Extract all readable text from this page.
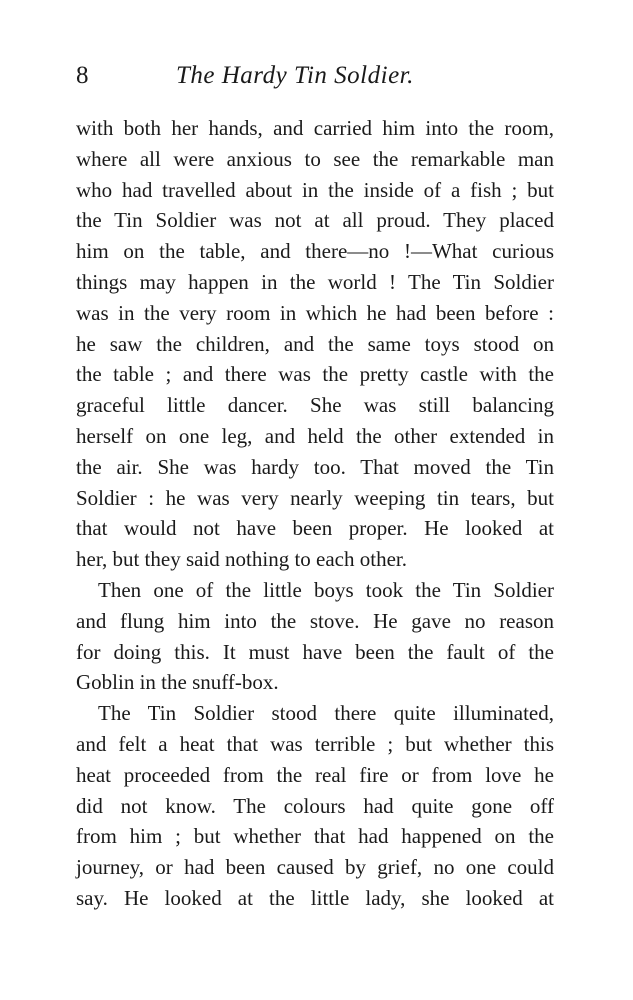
8	The Hardy Tin Soldier.
with both her hands, and carried him into the room,
where all were anxious to see the remarkable man
who had travelled about in the inside of a fish ; but
the Tin Soldier was not at all proud. They placed
him on the table, and there—no !—What curious
things may happen in the world ! The Tin Soldier
was in the very room in which he had been before :
he saw the children, and the same toys stood on
the table ; and there was the pretty castle with the
graceful little dancer. She was still balancing
herself on one leg, and held the other extended in
the air. She was hardy too. That moved the Tin
Soldier : he was very nearly weeping tin tears, but
that would not have been proper. He looked at
her, but they said nothing to each other.
Then one of the little boys took the Tin Soldier
and flung him into the stove. He gave no reason
for doing this. It must have been the fault of the
Goblin in the snuff-box.
The Tin Soldier stood there quite illuminated,
and felt a heat that was terrible ; but whether this
heat proceeded from the real fire or from love he
did not know. The colours had quite gone off
from him ; but whether that had happened on the
journey, or had been caused by grief, no one could
say. He looked at the little lady, she looked at
